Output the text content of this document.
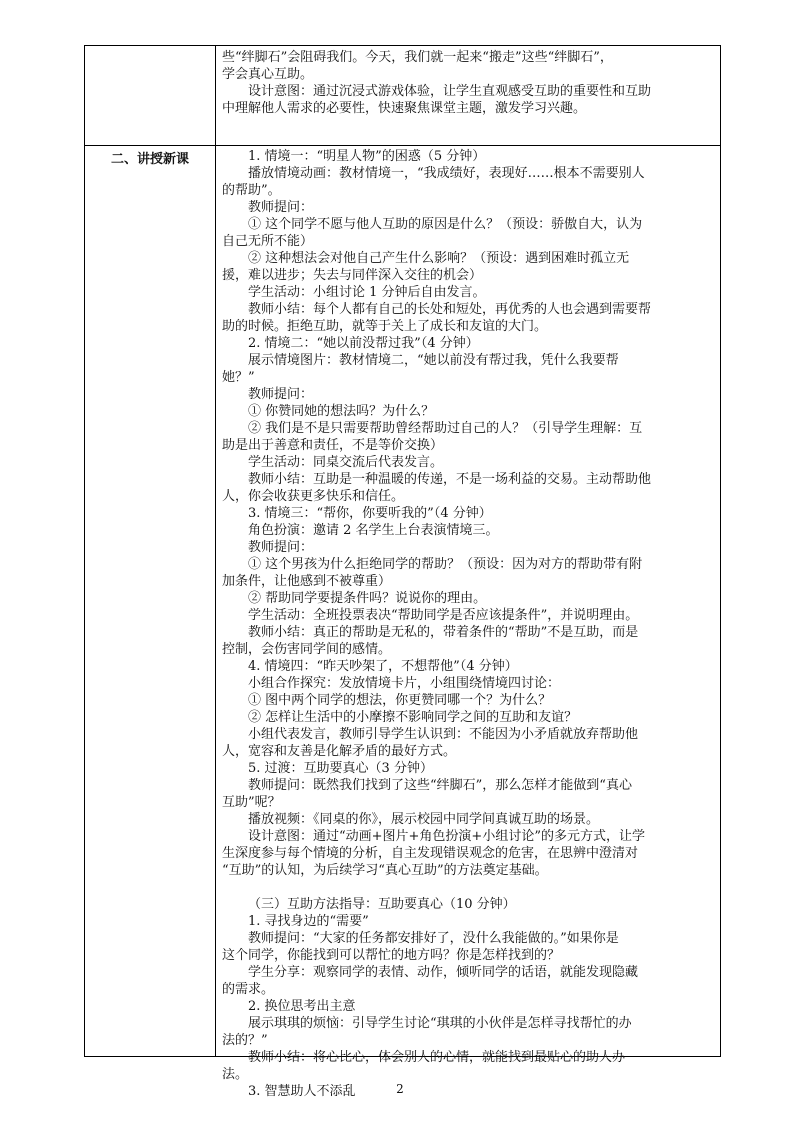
些“绊脚石”会阻碍我们。今天，我们就一起来“搬走”这些“绊脚石”，
学会真心互助。
设计意图：通过沉浸式游戏体验，让学生直观感受互助的重要性和互助
中理解他人需求的必要性，快速聚焦课堂主题，激发学习兴趣。
二、讲授新课	1. 情境一：“明星人物”的困惑（5 分钟）
播放情境动画：教材情境一，“我成绩好，表现好……根本不需要别人
的帮助”。
教师提问：
① 这个同学不愿与他人互助的原因是什么？（预设：骄傲自大，认为
自己无所不能）
② 这种想法会对他自己产生什么影响？（预设：遇到困难时孤立无
援，难以进步；失去与同伴深入交往的机会）
学生活动：小组讨论 1 分钟后自由发言。
教师小结：每个人都有自己的长处和短处，再优秀的人也会遇到需要帮
助的时候。拒绝互助，就等于关上了成长和友谊的大门。
2. 情境二：“她以前没帮过我”（4 分钟）
展示情境图片：教材情境二，“她以前没有帮过我，凭什么我要帮
她？”
教师提问：
① 你赞同她的想法吗？为什么？
② 我们是不是只需要帮助曾经帮助过自己的人？（引导学生理解：互
助是出于善意和责任，不是等价交换）
学生活动：同桌交流后代表发言。
教师小结：互助是一种温暖的传递，不是一场利益的交易。主动帮助他
人，你会收获更多快乐和信任。
3. 情境三：“帮你，你要听我的”（4 分钟）
角色扮演：邀请 2 名学生上台表演情境三。
教师提问：
① 这个男孩为什么拒绝同学的帮助？（预设：因为对方的帮助带有附
加条件，让他感到不被尊重）
② 帮助同学要提条件吗？说说你的理由。
学生活动：全班投票表决“帮助同学是否应该提条件”，并说明理由。
教师小结：真正的帮助是无私的，带着条件的“帮助”不是互助，而是
控制，会伤害同学间的感情。
4. 情境四：“昨天吵架了，不想帮他”（4 分钟）
小组合作探究：发放情境卡片，小组围绕情境四讨论：
① 图中两个同学的想法，你更赞同哪一个？为什么？
② 怎样让生活中的小摩擦不影响同学之间的互助和友谊？
小组代表发言，教师引导学生认识到：不能因为小矛盾就放弃帮助他
人，宽容和友善是化解矛盾的最好方式。
5. 过渡：互助要真心（3 分钟）
教师提问：既然我们找到了这些“绊脚石”，那么怎样才能做到“真心
互助”呢？
播放视频：《同桌的你》，展示校园中同学间真诚互助的场景。
设计意图：通过“动画+图片+角色扮演+小组讨论”的多元方式，让学
生深度参与每个情境的分析，自主发现错误观念的危害，在思辨中澄清对
“互助”的认知，为后续学习“真心互助”的方法奠定基础。
（三）互助方法指导：互助要真心（10 分钟）
1. 寻找身边的“需要”
教师提问：“大家的任务都安排好了，没什么我能做的。”如果你是
这个同学，你能找到可以帮忙的地方吗？你是怎样找到的？
学生分享：观察同学的表情、动作，倾听同学的话语，就能发现隐藏
的需求。
2. 换位思考出主意
展示琪琪的烦恼：引导学生讨论“琪琪的小伙伴是怎样寻找帮忙的办
法的？”
教师小结：将心比心，体会别人的心情，就能找到最贴心的助人办
法。
3. 智慧助人不添乱	2
